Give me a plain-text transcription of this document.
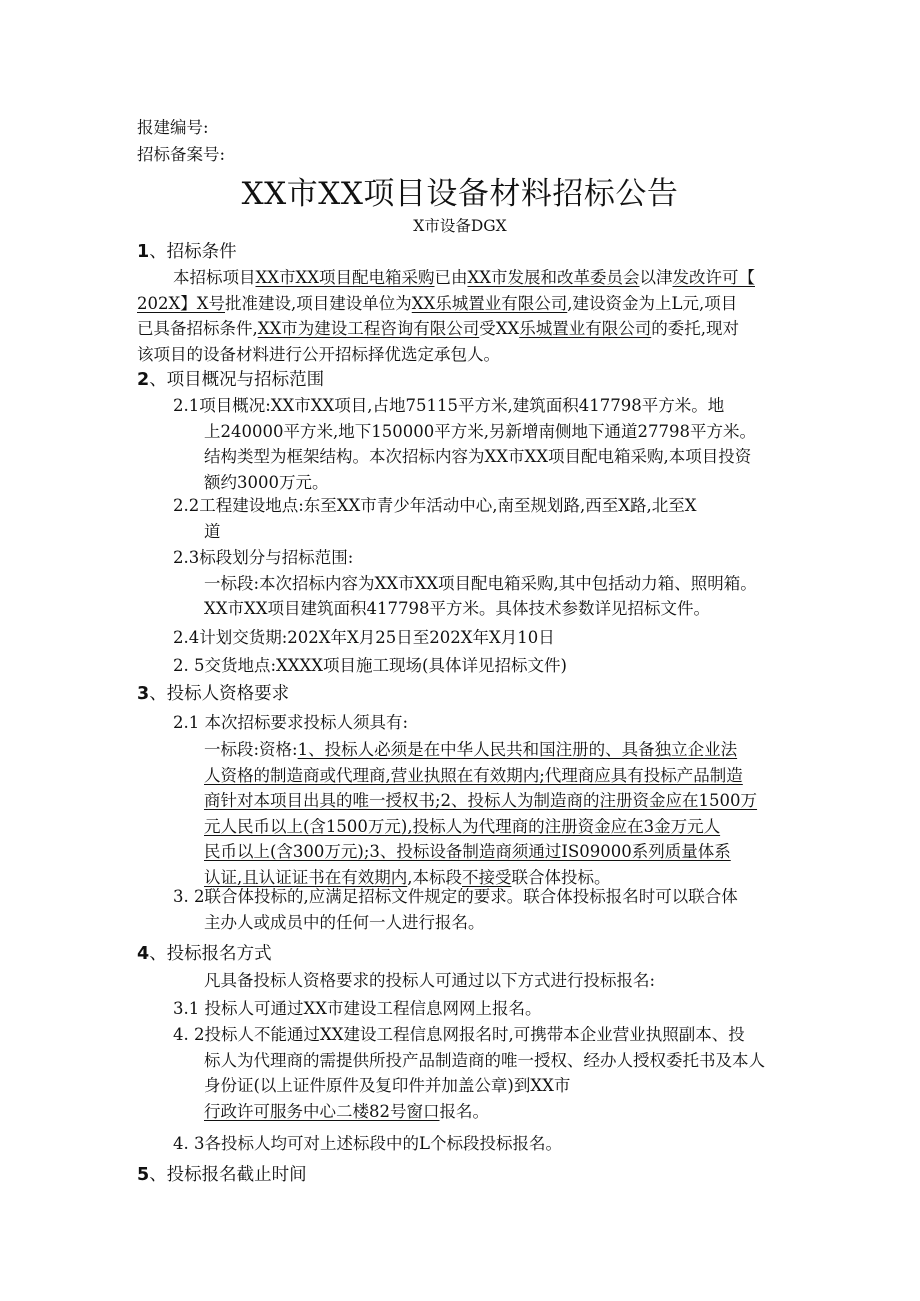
报建编号:
招标备案号:
XX市XX项目设备材料招标公告
X市设备DGX
1、招标条件
本招标项目XX市XX项目配电箱采购已由XX市发展和改革委员会以津发改许可【
202X】X号批准建设,项目建设单位为XX乐城置业有限公司,建设资金为上L元,项目
已具备招标条件,XX市为建设工程咨询有限公司受XX乐城置业有限公司的委托,现对
该项目的设备材料进行公开招标择优选定承包人。
2、项目概况与招标范围
2.1项目概况:XX市XX项目,占地75115平方米,建筑面积417798平方米。地
上240000平方米,地下150000平方米,另新增南侧地下通道27798平方米。
结构类型为框架结构。本次招标内容为XX市XX项目配电箱采购,本项目投资
额约3000万元。
2.2工程建设地点:东至XX市青少年活动中心,南至规划路,西至X路,北至X
道
2.3标段划分与招标范围:
一标段:本次招标内容为XX市XX项目配电箱采购,其中包括动力箱、照明箱。
XX市XX项目建筑面积417798平方米。具体技术参数详见招标文件。
2.4计划交货期:202X年X月25日至202X年X月10日
2. 5交货地点:XXXX项目施工现场(具体详见招标文件)
3、投标人资格要求
2.1 本次招标要求投标人须具有:
一标段:资格:1、投标人必须是在中华人民共和国注册的、具备独立企业法
人资格的制造商或代理商,营业执照在有效期内;代理商应具有投标产品制造
商针对本项目出具的唯一授权书;2、投标人为制造商的注册资金应在1500万
元人民币以上(含1500万元),投标人为代理商的注册资金应在3金万元人
民币以上(含300万元);3、投标设备制造商须通过IS09000系列质量体系
认证,且认证证书在有效期内,本标段不接受联合体投标。
3. 2联合体投标的,应满足招标文件规定的要求。联合体投标报名时可以联合体
主办人或成员中的任何一人进行报名。
4、投标报名方式
凡具备投标人资格要求的投标人可通过以下方式进行投标报名:
3.1 投标人可通过XX市建设工程信息网网上报名。
4. 2投标人不能通过XX建设工程信息网报名时,可携带本企业营业执照副本、投
标人为代理商的需提供所投产品制造商的唯一授权、经办人授权委托书及本人
身份证(以上证件原件及复印件并加盖公章)到XX市
行政许可服务中心二楼82号窗口报名。
4. 3各投标人均可对上述标段中的L个标段投标报名。
5、投标报名截止时间
